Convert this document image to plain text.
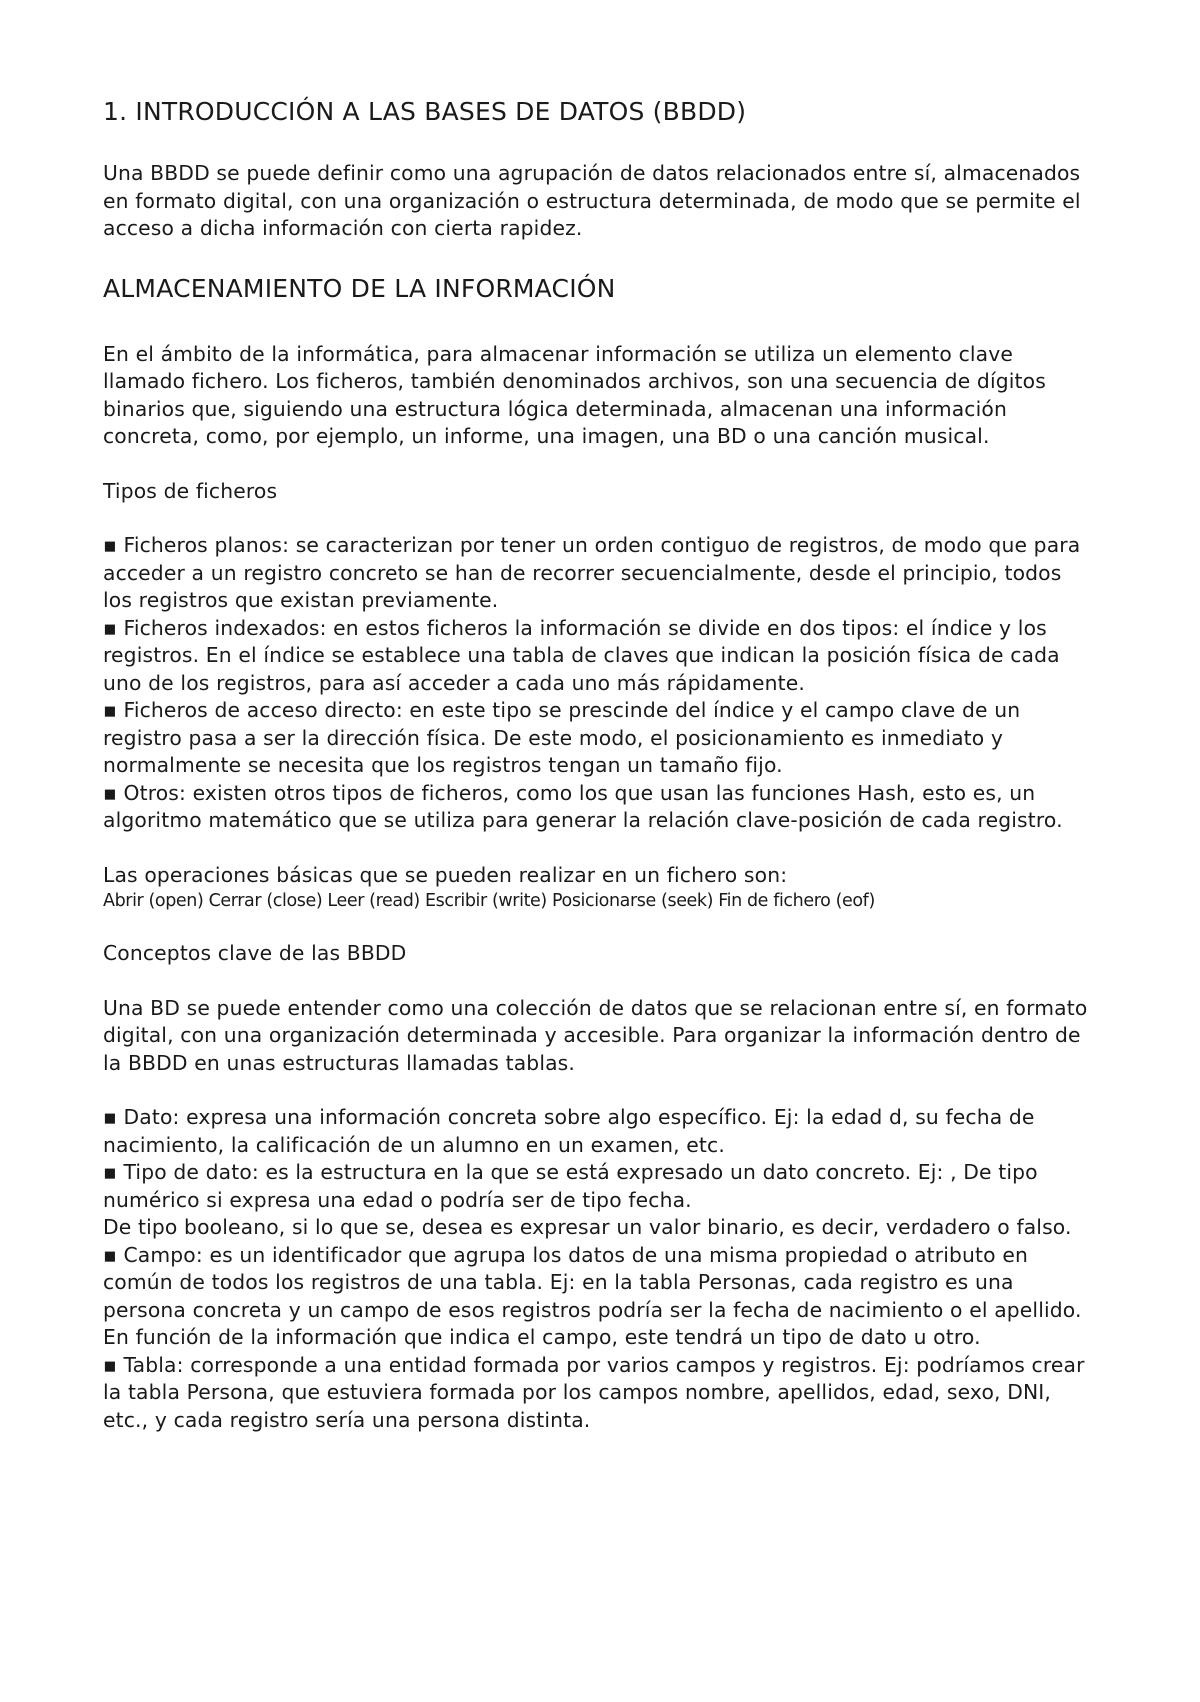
1. INTRODUCCIÓN A LAS BASES DE DATOS (BBDD)

Una BBDD se puede definir como una agrupación de datos relacionados entre sí, almacenados en formato digital, con una organización o estructura determinada, de modo que se permite el acceso a dicha información con cierta rapidez.

ALMACENAMIENTO DE LA INFORMACIÓN

En el ámbito de la informática, para almacenar información se utiliza un elemento clave llamado fichero. Los ficheros, también denominados archivos, son una secuencia de dígitos binarios que, siguiendo una estructura lógica determinada, almacenan una información concreta, como, por ejemplo, un informe, una imagen, una BD o una canción musical.

Tipos de ficheros

▪ Ficheros planos: se caracterizan por tener un orden contiguo de registros, de modo que para acceder a un registro concreto se han de recorrer secuencialmente, desde el principio, todos los registros que existan previamente.

▪ Ficheros indexados: en estos ficheros la información se divide en dos tipos: el índice y los registros. En el índice se establece una tabla de claves que indican la posición física de cada uno de los registros, para así acceder a cada uno más rápidamente.

▪ Ficheros de acceso directo: en este tipo se prescinde del índice y el campo clave de un registro pasa a ser la dirección física. De este modo, el posicionamiento es inmediato y normalmente se necesita que los registros tengan un tamaño fijo.

▪ Otros: existen otros tipos de ficheros, como los que usan las funciones Hash, esto es, un algoritmo matemático que se utiliza para generar la relación clave-posición de cada registro.

Las operaciones básicas que se pueden realizar en un fichero son:

Abrir (open) Cerrar (close) Leer (read) Escribir (write) Posicionarse (seek) Fin de fichero (eof)

Conceptos clave de las BBDD

Una BD se puede entender como una colección de datos que se relacionan entre sí, en formato digital, con una organización determinada y accesible. Para organizar la información dentro de la BBDD en unas estructuras llamadas tablas.

▪ Dato: expresa una información concreta sobre algo específico. Ej: la edad d, su fecha de nacimiento, la calificación de un alumno en un examen, etc.

▪ Tipo de dato: es la estructura en la que se está expresado un dato concreto. Ej: , De tipo numérico si expresa una edad o podría ser de tipo fecha.

De tipo booleano, si lo que se, desea es expresar un valor binario, es decir, verdadero o falso.

▪ Campo: es un identificador que agrupa los datos de una misma propiedad o atributo en común de todos los registros de una tabla. Ej: en la tabla Personas, cada registro es una persona concreta y un campo de esos registros podría ser la fecha de nacimiento o el apellido. En función de la información que indica el campo, este tendrá un tipo de dato u otro.

▪ Tabla: corresponde a una entidad formada por varios campos y registros. Ej: podríamos crear la tabla Persona, que estuviera formada por los campos nombre, apellidos, edad, sexo, DNI, etc., y cada registro sería una persona distinta.
